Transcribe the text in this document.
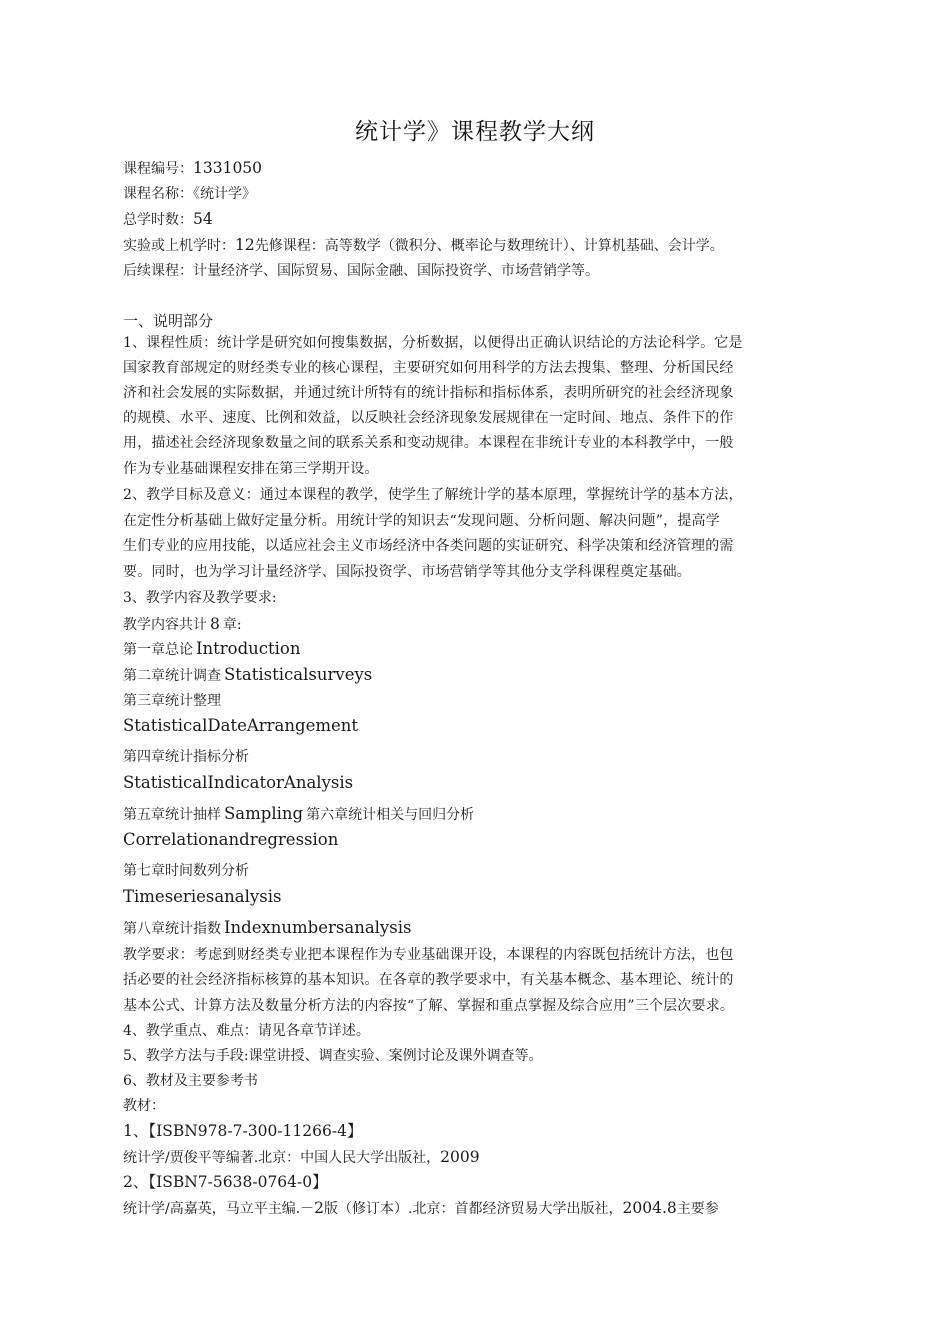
统计学》课程教学大纲
课程编号：1331050
课程名称：《统计学》
总学时数：54
实验或上机学时：12先修课程：高等数学（微积分、概率论与数理统计）、计算机基础、会计学。
后续课程：计量经济学、国际贸易、国际金融、国际投资学、市场营销学等。
一、说明部分
1、课程性质：统计学是研究如何搜集数据，分析数据，以便得出正确认识结论的方法论科学。它是
国家教育部规定的财经类专业的核心课程，主要研究如何用科学的方法去搜集、整理、分析国民经
济和社会发展的实际数据，并通过统计所特有的统计指标和指标体系，表明所研究的社会经济现象
的规模、水平、速度、比例和效益，以反映社会经济现象发展规律在一定时间、地点、条件下的作
用，描述社会经济现象数量之间的联系关系和变动规律。本课程在非统计专业的本科教学中，一般
作为专业基础课程安排在第三学期开设。
2、教学目标及意义：通过本课程的教学，使学生了解统计学的基本原理，掌握统计学的基本方法，
在定性分析基础上做好定量分析。用统计学的知识去“发现问题、分析问题、解决问题”，提高学
生们专业的应用技能，以适应社会主义市场经济中各类问题的实证研究、科学决策和经济管理的需
要。同时，也为学习计量经济学、国际投资学、市场营销学等其他分支学科课程奠定基础。
3、教学内容及教学要求:
教学内容共计 8 章:
第一章总论 Introduction
第二章统计调查 Statisticalsurveys
第三章统计整理
StatisticalDateArrangement
第四章统计指标分析
StatisticalIndicatorAnalysis
第五章统计抽样 Sampling 第六章统计相关与回归分析
Correlationandregression
第七章时间数列分析
Timeseriesanalysis
第八章统计指数 Indexnumbersanalysis
教学要求：考虑到财经类专业把本课程作为专业基础课开设，本课程的内容既包括统计方法，也包
括必要的社会经济指标核算的基本知识。在各章的教学要求中，有关基本概念、基本理论、统计的
基本公式、计算方法及数量分析方法的内容按“了解、掌握和重点掌握及综合应用”三个层次要求。
4、教学重点、难点：请见各章节详述。
5、教学方法与手段:课堂讲授、调查实验、案例讨论及课外调查等。
6、教材及主要参考书
教材：
1、【ISBN978-7-300-11266-4】
统计学/贾俊平等编著.北京：中国人民大学出版社，2009
2、【ISBN7-5638-0764-0】
统计学/高嘉英，马立平主编.－2版（修订本）.北京：首都经济贸易大学出版社，2004.8主要参
